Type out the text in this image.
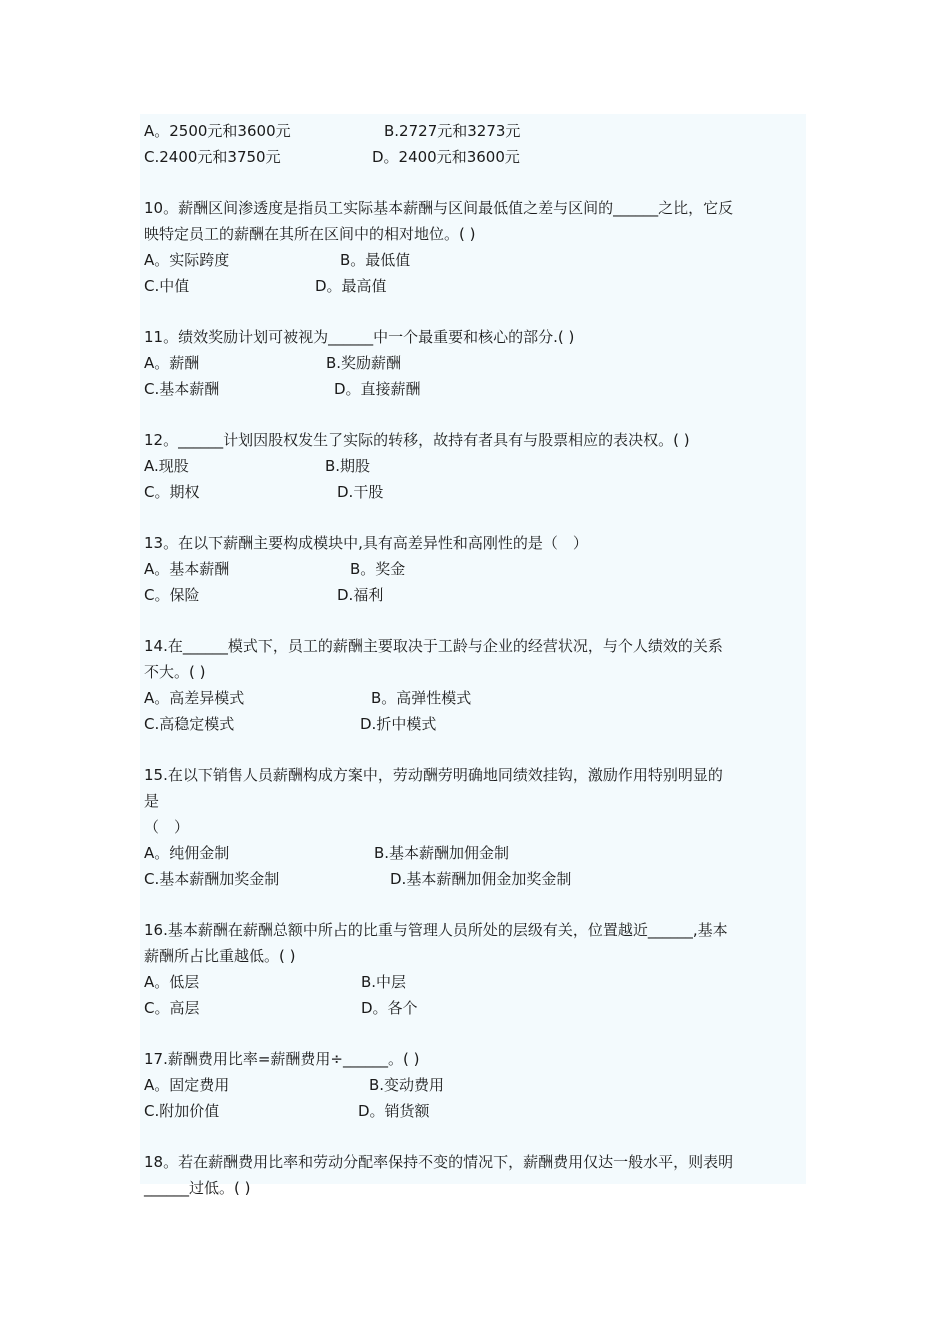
A。2500元和3600元	B.2727元和3273元
C.2400元和3750元	D。2400元和3600元
10。薪酬区间渗透度是指员工实际基本薪酬与区间最低值之差与区间的______之比，它反
映特定员工的薪酬在其所在区间中的相对地位。( )
A。实际跨度	B。最低值
C.中值	D。最高值
11。绩效奖励计划可被视为______中一个最重要和核心的部分.( )
A。薪酬	B.奖励薪酬
C.基本薪酬	D。直接薪酬
12。______计划因股权发生了实际的转移，故持有者具有与股票相应的表决权。( )
A.现股	B.期股
C。期权	D.干股
13。在以下薪酬主要构成模块中,具有高差异性和高刚性的是（　）
A。基本薪酬	B。奖金
C。保险	D.福利
14.在______模式下，员工的薪酬主要取决于工龄与企业的经营状况，与个人绩效的关系
不大。( )
A。高差异模式	B。高弹性模式
C.高稳定模式	D.折中模式
15.在以下销售人员薪酬构成方案中，劳动酬劳明确地同绩效挂钩，激励作用特别明显的
是
（　）
A。纯佣金制	B.基本薪酬加佣金制
C.基本薪酬加奖金制	D.基本薪酬加佣金加奖金制
16.基本薪酬在薪酬总额中所占的比重与管理人员所处的层级有关，位置越近______,基本
薪酬所占比重越低。( )
A。低层	B.中层
C。高层	D。各个
17.薪酬费用比率=薪酬费用÷______。( )
A。固定费用	B.变动费用
C.附加价值	D。销货额
18。若在薪酬费用比率和劳动分配率保持不变的情况下，薪酬费用仅达一般水平，则表明
______过低。( )
